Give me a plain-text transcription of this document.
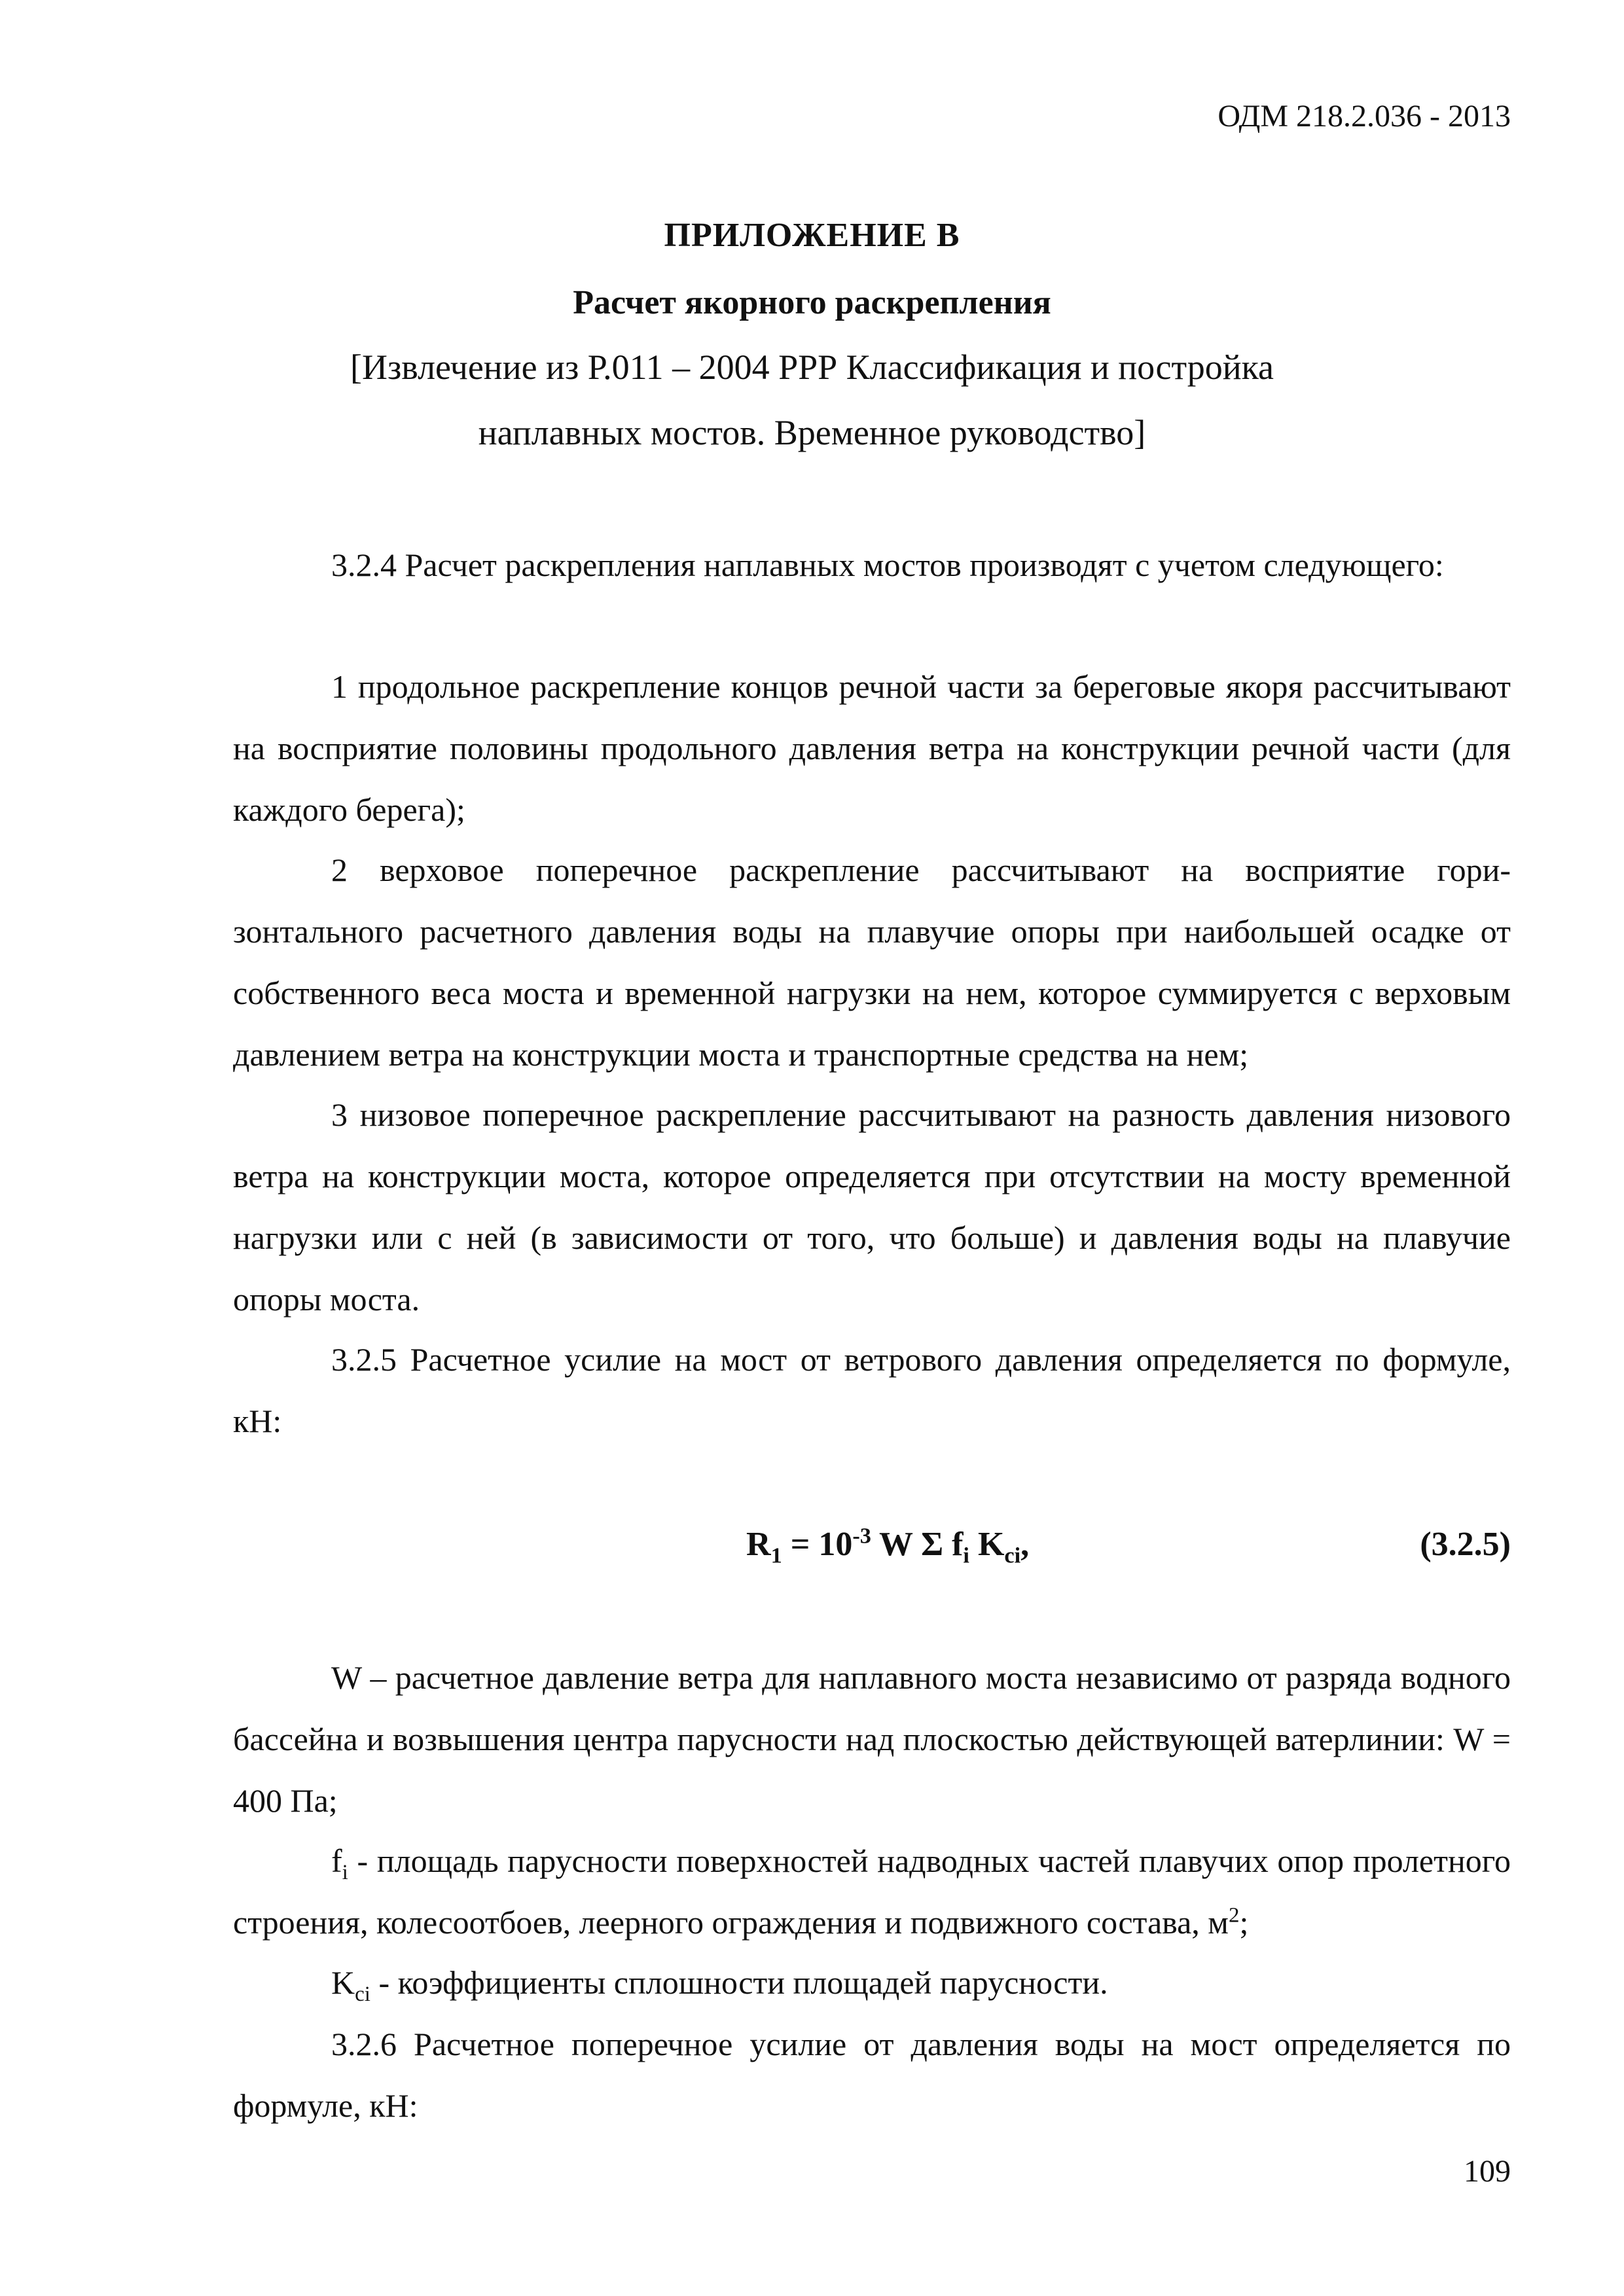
ОДМ 218.2.036 - 2013
ПРИЛОЖЕНИЕ В
Расчет якорного раскрепления
[Извлечение из Р.011 – 2004 РРР Классификация и постройка
наплавных мостов. Временное руководство]

3.2.4 Расчет раскрепления наплавных мостов производят с учетом следующего:

1 продольное раскрепление концов речной части за береговые якоря рассчитывают на восприятие половины продольного давления ветра на конструкции речной части (для каждого берега);

2 верховое поперечное раскрепление рассчитывают на восприятие гори-зонтального расчетного давления воды на плавучие опоры при наибольшей осадке от собственного веса моста и временной нагрузки на нем, которое суммируется с верховым давлением ветра на конструкции моста и транспортные средства на нем;

3 низовое поперечное раскрепление рассчитывают на разность давления низового ветра на конструкции моста, которое определяется при отсутствии на мосту временной нагрузки или с ней (в зависимости от того, что больше) и давления воды на плавучие опоры моста.

3.2.5 Расчетное усилие на мост от ветрового давления определяется по формуле, кН:

$R_1 = 10^{-3}$ W Σ $f_i$ $K_{ci}$,	(3.2.5)

W – расчетное давление ветра для наплавного моста независимо от разряда водного бассейна и возвышения центра парусности над плоскостью действующей ватерлинии: W = 400 Па;

$f_i$ - площадь парусности поверхностей надводных частей плавучих опор пролетного строения, колесоотбоев, леерного ограждения и подвижного состава, $м^2$;

$K_{ci}$ - коэффициенты сплошности площадей парусности.

3.2.6 Расчетное поперечное усилие от давления воды на мост определяется по формуле, кН:

109
